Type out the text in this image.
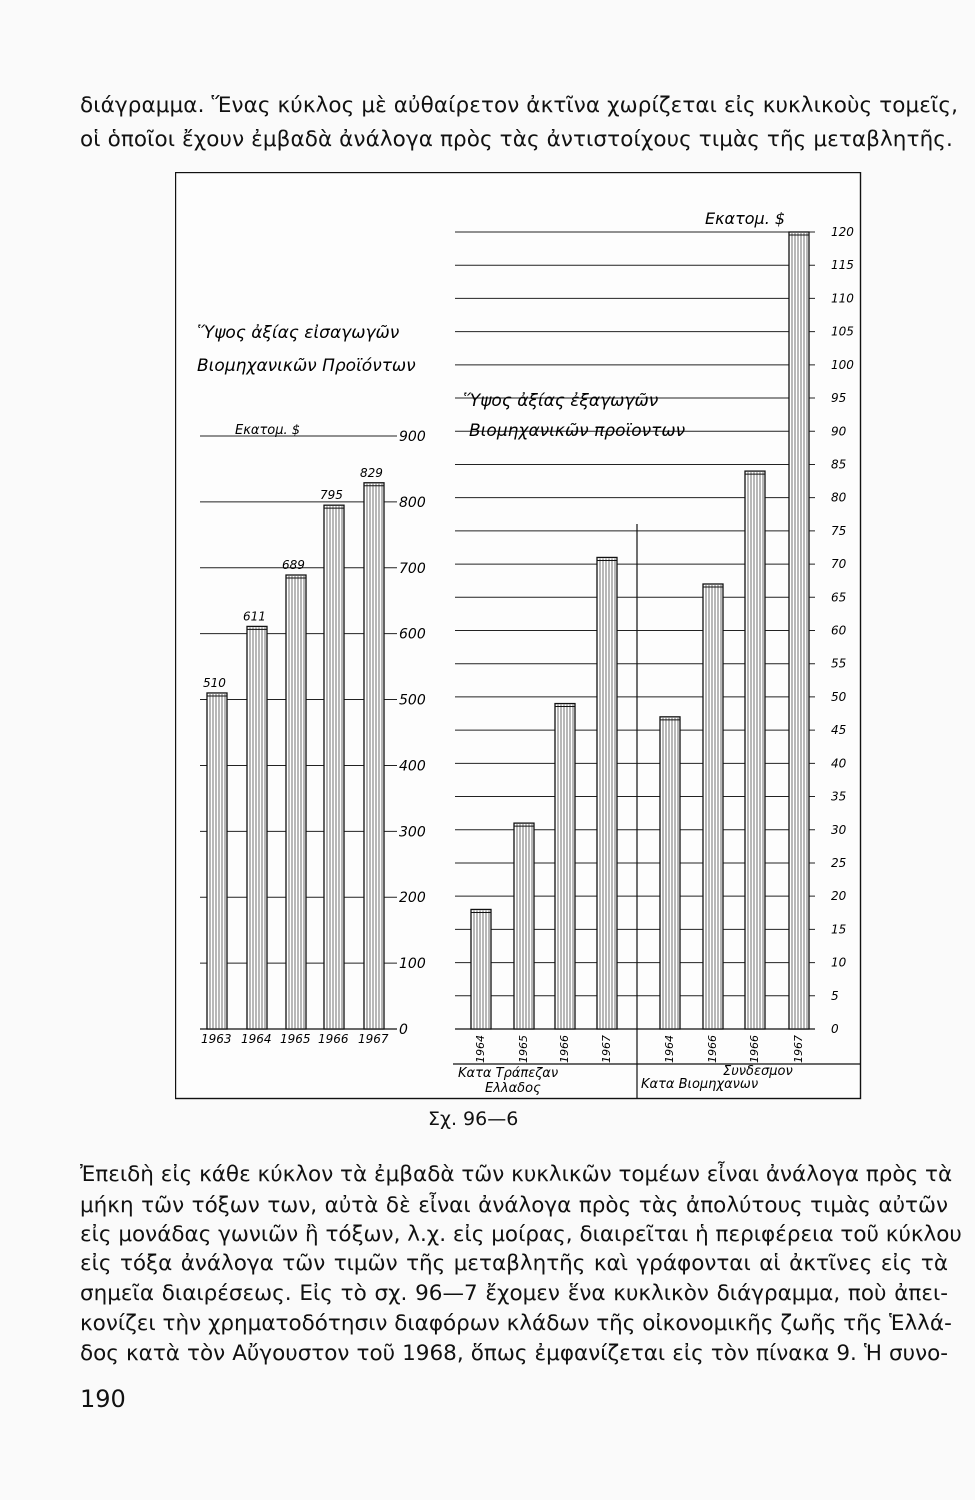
διάγραμμα. Ἕνας κύκλος μὲ αὐθαίρετον ἀκτῖνα χωρίζεται εἰς κυκλικοὺς τομεῖς,
οἱ ὁποῖοι ἔχουν ἐμβαδὰ ἀνάλογα πρὸς τὰς ἀντιστοίχους τιμὰς τῆς μεταβλητῆς.
0
100
200
300
400
500
600
700
800
900
0
5
10
15
20
25
30
35
40
45
50
55
60
65
70
75
80
85
90
95
100
105
110
115
120
1963 1964 1965 1966 1967	1964	1965	1966	1967	1964	1966	1966	1967
510
611
689
795
829
Ὕψος ἀξίας εἰσαγωγῶν
Βιομηχανικῶν Προϊόντων
Εκατομ. $
Ὕψος ἀξίας ἐξαγωγῶν
Βιομηχανικῶν προϊοντων
Εκατομ. $
Κατα Τράπεζαν
Ελλαδος
Συνδεσμον
Κατα Βιομηχανων
Σχ. 96—6
Ἐπειδὴ εἰς κάθε κύκλον τὰ ἐμβαδὰ τῶν κυκλικῶν τομέων εἶναι ἀνάλογα πρὸς τὰ
μήκη τῶν τόξων των, αὐτὰ δὲ εἶναι ἀνάλογα πρὸς τὰς ἀπολύτους τιμὰς αὐτῶν
εἰς μονάδας γωνιῶν ἢ τόξων, λ.χ. εἰς μοίρας, διαιρεῖται ἡ περιφέρεια τοῦ κύκλου
εἰς τόξα ἀνάλογα τῶν τιμῶν τῆς μεταβλητῆς καὶ γράφονται αἱ ἀκτῖνες εἰς τὰ
σημεῖα διαιρέσεως. Εἰς τὸ σχ. 96—7 ἔχομεν ἕνα κυκλικὸν διάγραμμα, ποὺ ἀπει-
κονίζει τὴν χρηματοδότησιν διαφόρων κλάδων τῆς οἰκονομικῆς ζωῆς τῆς Ἑλλά-
δος κατὰ τὸν Αὔγουστον τοῦ 1968, ὅπως ἐμφανίζεται εἰς τὸν πίνακα 9. Ἡ συνο-
190
